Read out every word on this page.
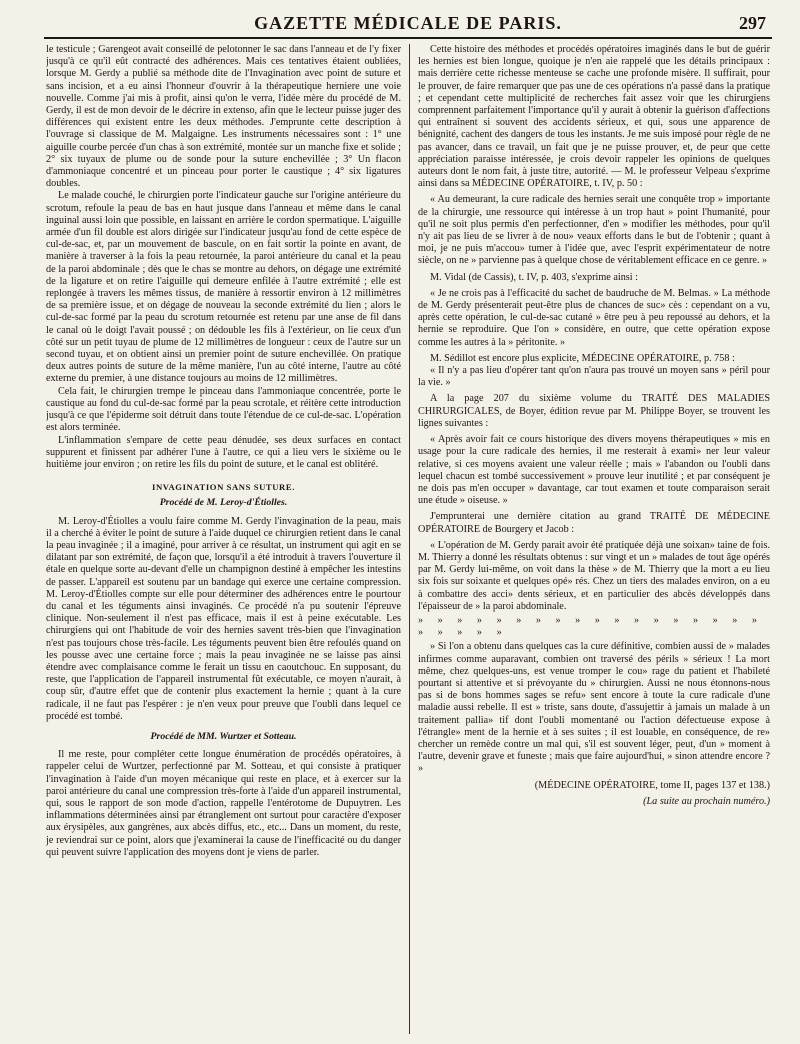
GAZETTE MÉDICALE DE PARIS.	297

le testicule ; Garengeot avait conseillé de pelotonner le sac dans l'anneau et de l'y fixer jusqu'à ce qu'il eût contracté des adhérences. Mais ces tentatives étaient oubliées, lorsque M. Gerdy a publié sa méthode dite de l'Invagination avec point de suture et sans incision, et a eu ainsi l'honneur d'ouvrir à la thérapeutique herniere une voie nouvelle. Comme j'ai mis à profit, ainsi qu'on le verra, l'idée mère du procédé de M. Gerdy, il est de mon devoir de le décrire in extenso, afin que le lecteur puisse juger des différences qui existent entre les deux méthodes. J'emprunte cette description à l'ouvrage si classique de M. Malgaigne. Les instruments nécessaires sont : 1° une aiguille courbe percée d'un chas à son extrémité, montée sur un manche fixe et solide ; 2° six tuyaux de plume ou de sonde pour la suture enchevillée ; 3° Un flacon d'ammoniaque concentré et un pinceau pour porter le caustique ; 4° six ligatures doubles.

Le malade couché, le chirurgien porte l'indicateur gauche sur l'origine antérieure du scrotum, refoule la peau de bas en haut jusque dans l'anneau et même dans le canal inguinal aussi loin que possible, en laissant en arrière le cordon spermatique. L'aiguille armée d'un fil double est alors dirigée sur l'indicateur jusqu'au fond de cette espèce de cul-de-sac, et, par un mouvement de bascule, on en fait sortir la pointe en avant, de manière à traverser à la fois la peau retournée, la paroi antérieure du canal et la peau de la paroi abdominale ; dès que le chas se montre au dehors, on dégage une extrémité de la ligature et on retire l'aiguille qui demeure enfilée à l'autre extrémité ; elle est replongée à travers les mêmes tissus, de manière à ressortir environ à 12 millimètres de sa première issue, et on dégage de nouveau la seconde extrémité du lien ; alors le cul-de-sac formé par la peau du scrotum retournée est retenu par une anse de fil dans le canal où le doigt l'avait poussé ; on dédouble les fils à l'extérieur, on lie ceux d'un côté sur un petit tuyau de plume de 12 millimètres de longueur : ceux de l'autre sur un second tuyau, et on obtient ainsi un premier point de suture enchevillée. On pratique deux autres points de suture de la même manière, l'un au côté interne, l'autre au côté externe du premier, à une distance toujours au moins de 12 millimètres.

Cela fait, le chirurgien trempe le pinceau dans l'ammoniaque concentrée, porte le caustique au fond du cul-de-sac formé par la peau scrotale, et réitère cette introduction jusqu'à ce que l'épiderme soit détruit dans toute l'étendue de ce cul-de-sac. L'opération est alors terminée.

L'inflammation s'empare de cette peau dénudée, ses deux surfaces en contact suppurent et finissent par adhérer l'une à l'autre, ce qui a lieu vers le sixième ou le huitième jour environ ; on retire les fils du point de suture, et le canal est oblitéré.

INVAGINATION SANS SUTURE.

Procédé de M. Leroy-d'Étiolles.

M. Leroy-d'Étiolles a voulu faire comme M. Gerdy l'invagination de la peau, mais il a cherché à éviter le point de suture à l'aide duquel ce chirurgien retient dans le canal la peau invaginée ; il a imaginé, pour arriver à ce résultat, un instrument qui agit en se dilatant par son extrémité, de façon que, lorsqu'il a été introduit à travers l'ouverture il étale en quelque sorte au-devant d'elle un champignon destiné à empêcher les intestins de passer. L'appareil est soutenu par un bandage qui exerce une certaine compression. M. Leroy-d'Étiolles compte sur elle pour déterminer des adhérences entre le pourtour du canal et les téguments ainsi invaginés. Ce procédé n'a pu soutenir l'épreuve clinique. Non-seulement il n'est pas efficace, mais il est à peine exécutable. Les chirurgiens qui ont l'habitude de voir des hernies savent très-bien que l'invagination n'est pas toujours chose très-facile. Les téguments peuvent bien être refoulés quand on les pousse avec une certaine force ; mais la peau invaginée ne se laisse pas ainsi étendre avec complaisance comme le ferait un tissu en caoutchouc. En supposant, du reste, que l'application de l'appareil instrumental fût exécutable, ce moyen n'aurait, à coup sûr, d'autre effet que de contenir plus exactement la hernie ; quant à la cure radicale, il ne faut pas l'espérer : je n'en veux pour preuve que l'oubli dans lequel ce procédé est tombé.

Procédé de MM. Wurtzer et Sotteau.

Il me reste, pour compléter cette longue énumération de procédés opératoires, à rappeler celui de Wurtzer, perfectionné par M. Sotteau, et qui consiste à pratiquer l'invagination à l'aide d'un moyen mécanique qui reste en place, et à exercer sur la paroi antérieure du canal une compression très-forte à l'aide d'un appareil instrumental, qui, sous le rapport de son mode d'action, rappelle l'entérotome de Dupuytren. Les inflammations déterminées ainsi par étranglement ont surtout pour caractère d'exposer aux érysipèles, aux gangrènes, aux abcès diffus, etc., etc... Dans un moment, du reste, je reviendrai sur ce point, alors que j'examinerai la cause de l'inefficacité ou du danger qui peuvent suivre l'application des moyens dont je viens de parler.

Cette histoire des méthodes et procédés opératoires imaginés dans le but de guérir les hernies est bien longue, quoique je n'en aie rappelé que les détails principaux : mais derrière cette richesse menteuse se cache une profonde misère. Il suffirait, pour le prouver, de faire remarquer que pas une de ces opérations n'a passé dans la pratique ; et cependant cette multiplicité de recherches fait assez voir que les chirurgiens comprennent parfaitement l'importance qu'il y aurait à obtenir la guérison d'affections qui entraînent si souvent des accidents sérieux, et qui, sous une apparence de bénignité, cachent des dangers de tous les instants. Je me suis imposé pour règle de ne pas avancer, dans ce travail, un fait que je ne puisse prouver, et, de peur que cette appréciation paraisse intéressée, je crois devoir rappeler les opinions de quelques auteurs dont le nom fait, à juste titre, autorité. — M. le professeur Velpeau s'exprime ainsi dans sa MÉDECINE OPÉRATOIRE, t. IV, p. 50 :

« Au demeurant, la cure radicale des hernies serait une conquête trop » importante de la chirurgie, une ressource qui intéresse à un trop haut » point l'humanité, pour qu'il ne soit plus permis d'en perfectionner, d'en » modifier les méthodes, pour qu'il n'y ait pas lieu de se livrer à de nou» veaux efforts dans le but de l'obtenir ; quant à moi, je ne puis m'accou» tumer à l'idée que, avec l'esprit expérimentateur de notre siècle, on ne » parvienne pas à quelque chose de véritablement efficace en ce genre. »

M. Vidal (de Cassis), t. IV, p. 403, s'exprime ainsi :

« Je ne crois pas à l'efficacité du sachet de baudruche de M. Belmas. » La méthode de M. Gerdy présenterait peut-être plus de chances de suc» cès : cependant on a vu, après cette opération, le cul-de-sac cutané » être peu à peu repoussé au dehors, et la hernie se reproduire. Que l'on » considère, en outre, que cette opération expose comme les autres à la » péritonite. »

M. Sédillot est encore plus explicite, MÉDECINE OPÉRATOIRE, p. 758 :

« Il n'y a pas lieu d'opérer tant qu'on n'aura pas trouvé un moyen sans » péril pour la vie. »

A la page 207 du sixième volume du TRAITÉ DES MALADIES CHIRURGICALES, de Boyer, édition revue par M. Philippe Boyer, se trouvent les lignes suivantes :

« Après avoir fait ce cours historique des divers moyens thérapeutiques » mis en usage pour la cure radicale des hernies, il me resterait à exami» ner leur valeur relative, si ces moyens avaient une valeur réelle ; mais » l'abandon ou l'oubli dans lequel chacun est tombé successivement » prouve leur inutilité ; et par conséquent je ne dois pas m'en occuper » davantage, car tout examen et toute comparaison serait une étude » oiseuse. »

J'emprunterai une dernière citation au grand TRAITÉ DE MÉDECINE OPÉRATOIRE de Bourgery et Jacob :

« L'opération de M. Gerdy parait avoir été pratiquée déjà une soixan» taine de fois. M. Thierry a donné les résultats obtenus : sur vingt et un » malades de tout âge opérés par M. Gerdy lui-même, on voit dans la thèse » de M. Thierry que la mort a eu lieu six fois sur soixante et quelques opé» rés. Chez un tiers des malades environ, on a eu à combattre des acci» dents sérieux, et en particulier des abcès développés dans l'épaisseur de » la paroi abdominale.

» » » » » » » » » » » » » » » » » » » » » » »

» Si l'on a obtenu dans quelques cas la cure définitive, combien aussi de » malades infirmes comme auparavant, combien ont traversé des périls » sérieux ! La mort même, chez quelques-uns, est venue tromper le cou» rage du patient et l'habileté pourtant si attentive et si prévoyante du » chirurgien. Aussi ne nous étonnons-nous pas si de bons hommes sages se refu» sent encore à toute la cure radicale d'une maladie aussi rebelle. Il est » triste, sans doute, d'assujettir à jamais un malade à un traitement pallia» tif dont l'oubli momentané ou l'action défectueuse expose à l'étrangle» ment de la hernie et à ses suites ; il est louable, en conséquence, de re» chercher un remède contre un mal qui, s'il est souvent léger, peut, d'un » moment à l'autre, devenir grave et funeste ; mais que faire aujourd'hui, » sinon attendre encore ? »

(MÉDECINE OPÉRATOIRE, tome II, pages 137 et 138.)

(La suite au prochain numéro.)
